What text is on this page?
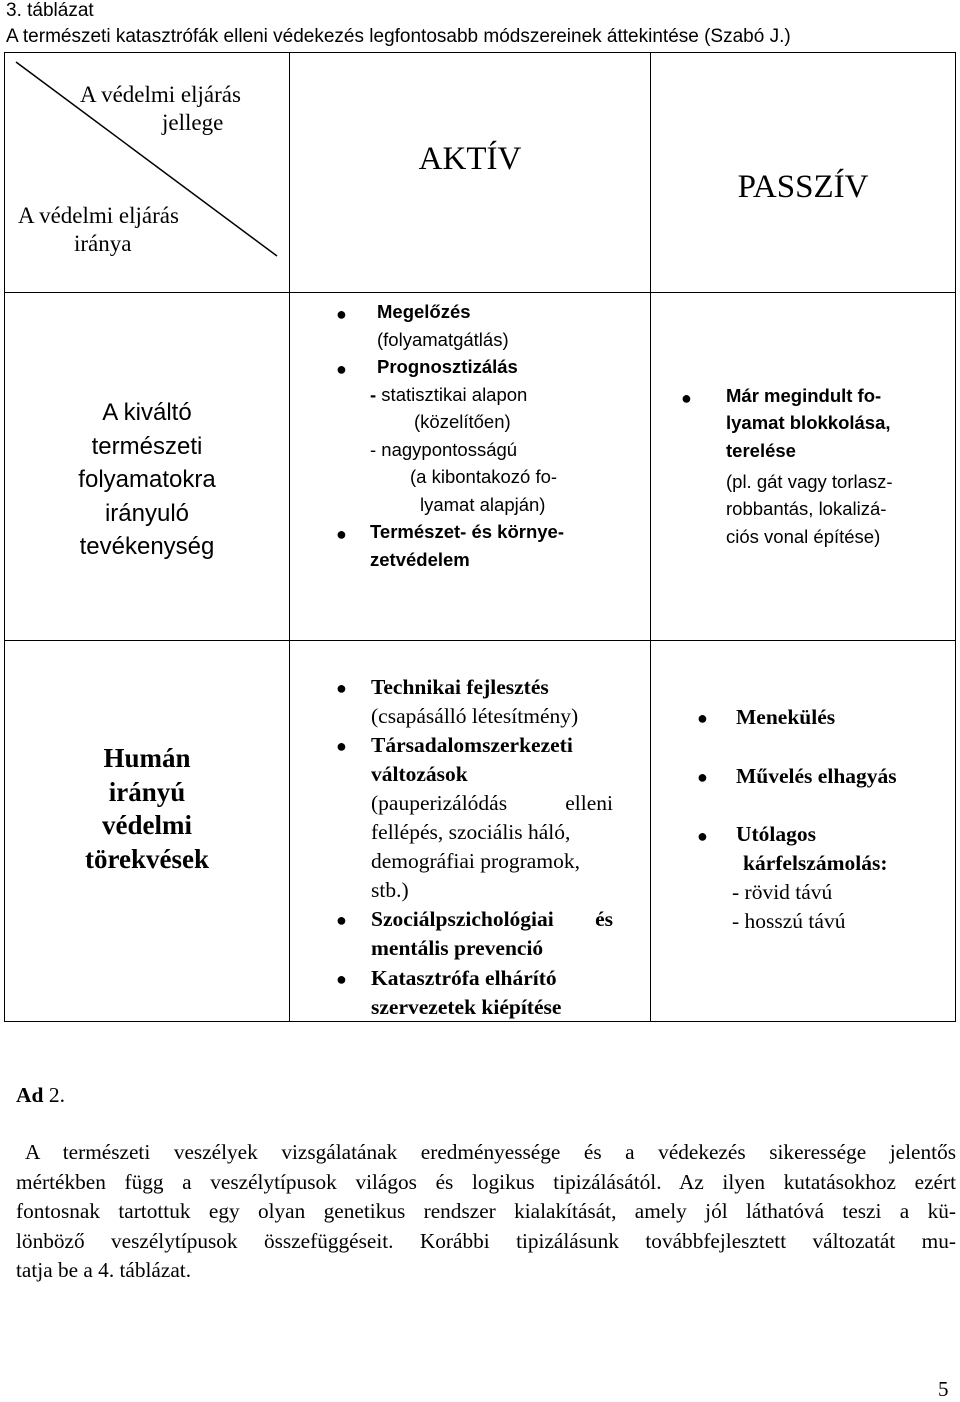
3. táblázat
A természeti katasztrófák elleni védekezés legfontosabb módszereinek áttekintése (Szabó J.)
A védelmi eljárás
jellege
A védelmi eljárás
iránya
AKTÍV
PASSZÍV
A kiváltó
természeti
folyamatokra
irányuló
tevékenység
●
●
●
Megelőzés
(folyamatgátlás)
Prognosztizálás
- statisztikai alapon
(közelítően)
- nagypontosságú
(a kibontakozó fo-
lyamat alapján)
Természet- és környe-
zetvédelem
● Már megindult fo-
lyamat blokkolása,
terelése
(pl. gát vagy torlasz-
robbantás, lokalizá-
ciós vonal építése)
Humán
irányú
védelmi
törekvések
●
●
●
●
Technikai fejlesztés
(csapásálló létesítmény)
Társadalomszerkezeti
változások
(pauperizálódás	elleni
fellépés, szociális háló,
demográfiai programok,
stb.)
Szociálpszichológiai és
mentális prevenció
Katasztrófa elhárító
szervezetek kiépítése
●
●
●
Menekülés
Művelés elhagyás
Utólagos
kárfelszámolás:
- rövid távú
- hosszú távú
Ad 2.
A természeti veszélyek vizsgálatának eredményessége és a védekezés sikeressége jelentős
mértékben függ a veszélytípusok világos és logikus tipizálásától. Az ilyen kutatásokhoz ezért
fontosnak tartottuk egy olyan genetikus rendszer kialakítását, amely jól láthatóvá teszi a kü-
lönböző veszélytípusok összefüggéseit. Korábbi tipizálásunk továbbfejlesztett változatát mu-
tatja be a 4. táblázat.
5
